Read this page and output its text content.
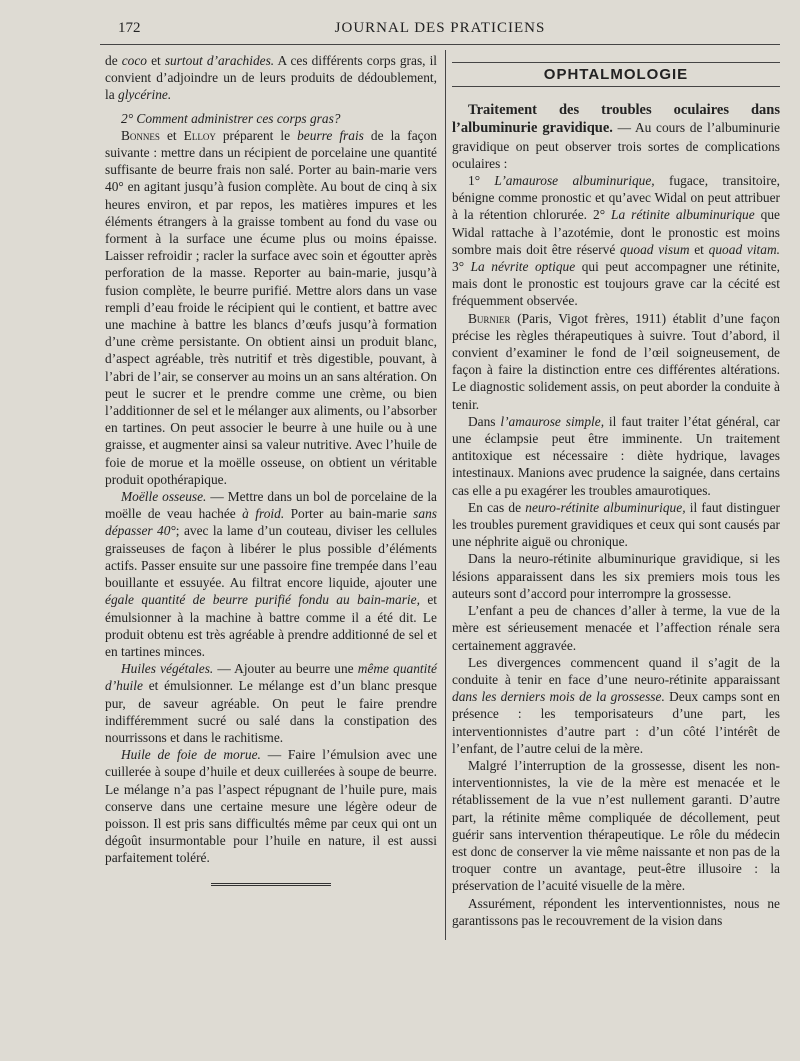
172	JOURNAL DES PRATICIENS

de coco et surtout d’arachides. A ces différents corps gras, il convient d’adjoindre un de leurs produits de dédoublement, la glycérine.

2° Comment administrer ces corps gras?

Bonnes et Elloy préparent le beurre frais de la façon suivante : mettre dans un récipient de porcelaine une quantité suffisante de beurre frais non salé. Porter au bain-marie vers 40° en agitant jusqu’à fusion complète. Au bout de cinq à six heures environ, et par repos, les matières impures et les éléments étrangers à la graisse tombent au fond du vase ou forment à la surface une écume plus ou moins épaisse. Laisser refroidir ; racler la surface avec soin et égoutter après perforation de la masse. Reporter au bain-marie, jusqu’à fusion complète, le beurre purifié. Mettre alors dans un vase rempli d’eau froide le récipient qui le contient, et battre avec une machine à battre les blancs d’œufs jusqu’à formation d’une crème persistante. On obtient ainsi un produit blanc, d’aspect agréable, très nutritif et très digestible, pouvant, à l’abri de l’air, se conserver au moins un an sans altération. On peut le sucrer et le prendre comme une crème, ou bien l’additionner de sel et le mélanger aux aliments, ou l’absorber en tartines. On peut associer le beurre à une huile ou à une graisse, et augmenter ainsi sa valeur nutritive. Avec l’huile de foie de morue et la moëlle osseuse, on obtient un véritable produit opothérapique.

Moëlle osseuse. — Mettre dans un bol de porcelaine de la moëlle de veau hachée à froid. Porter au bain-marie sans dépasser 40°; avec la lame d’un couteau, diviser les cellules graisseuses de façon à libérer le plus possible d’éléments actifs. Passer ensuite sur une passoire fine trempée dans l’eau bouillante et essuyée. Au filtrat encore liquide, ajouter une égale quantité de beurre purifié fondu au bain-marie, et émulsionner à la machine à battre comme il a été dit. Le produit obtenu est très agréable à prendre additionné de sel et en tartines minces.

Huiles végétales. — Ajouter au beurre une même quantité d’huile et émulsionner. Le mélange est d’un blanc presque pur, de saveur agréable. On peut le faire prendre indifféremment sucré ou salé dans la constipation des nourrissons et dans le rachitisme.

Huile de foie de morue. — Faire l’émulsion avec une cuillerée à soupe d’huile et deux cuillerées à soupe de beurre. Le mélange n’a pas l’aspect répugnant de l’huile pure, mais conserve dans une certaine mesure une légère odeur de poisson. Il est pris sans difficultés même par ceux qui ont un dégoût insurmontable pour l’huile en nature, il est aussi parfaitement toléré.

OPHTALMOLOGIE

Traitement des troubles oculaires dans l’albuminurie gravidique. — Au cours de l’albuminurie gravidique on peut observer trois sortes de complications oculaires :

1° L’amaurose albuminurique, fugace, transitoire, bénigne comme pronostic et qu’avec Widal on peut attribuer à la rétention chlorurée. 2° La rétinite albuminurique que Widal rattache à l’azotémie, dont le pronostic est moins sombre mais doit être réservé quoad visum et quoad vitam. 3° La névrite optique qui peut accompagner une rétinite, mais dont le pronostic est toujours grave car la cécité est fréquemment observée.

Burnier (Paris, Vigot frères, 1911) établit d’une façon précise les règles thérapeutiques à suivre. Tout d’abord, il convient d’examiner le fond de l’œil soigneusement, de façon à faire la distinction entre ces différentes altérations. Le diagnostic solidement assis, on peut aborder la conduite à tenir.

Dans l’amaurose simple, il faut traiter l’état général, car une éclampsie peut être imminente. Un traitement antitoxique est nécessaire : diète hydrique, lavages intestinaux. Manions avec prudence la saignée, dans certains cas elle a pu exagérer les troubles amaurotiques.

En cas de neuro-rétinite albuminurique, il faut distinguer les troubles purement gravidiques et ceux qui sont causés par une néphrite aiguë ou chronique.

Dans la neuro-rétinite albuminurique gravidique, si les lésions apparaissent dans les six premiers mois tous les auteurs sont d’accord pour interrompre la grossesse.

L’enfant a peu de chances d’aller à terme, la vue de la mère est sérieusement menacée et l’affection rénale sera certainement aggravée.

Les divergences commencent quand il s’agit de la conduite à tenir en face d’une neuro-rétinite apparaissant dans les derniers mois de la grossesse. Deux camps sont en présence : les temporisateurs d’une part, les interventionnistes d’autre part : d’un côté l’intérêt de l’enfant, de l’autre celui de la mère.

Malgré l’interruption de la grossesse, disent les non-interventionnistes, la vie de la mère est menacée et le rétablissement de la vue n’est nullement garanti. D’autre part, la rétinite même compliquée de décollement, peut guérir sans intervention thérapeutique. Le rôle du médecin est donc de conserver la vie même naissante et non pas de la troquer contre un avantage, peut-être illusoire : la préservation de l’acuité visuelle de la mère.

Assurément, répondent les interventionnistes, nous ne garantissons pas le recouvrement de la vision dans
